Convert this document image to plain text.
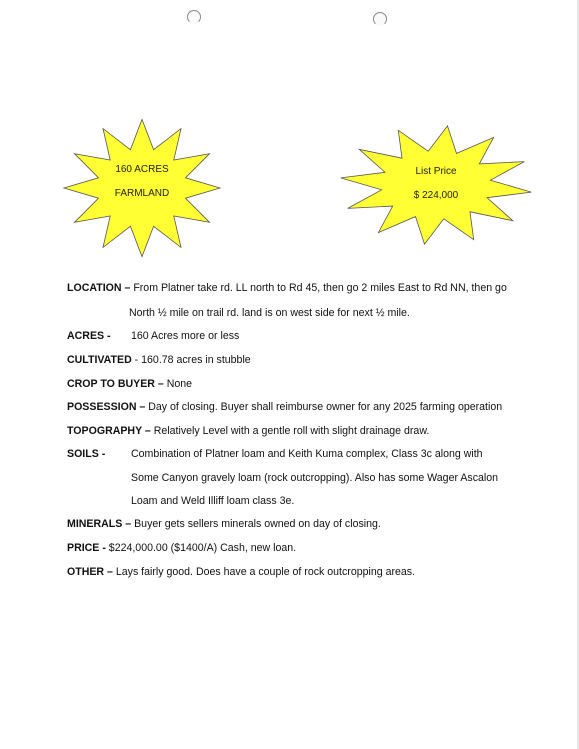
160 ACRES
FARMLAND
List Price
$ 224,000
LOCATION – From Platner take rd. LL north to Rd 45, then go 2 miles East to Rd NN, then go
North ½ mile on trail rd. land is on west side for next ½ mile.
ACRES - 160 Acres more or less
CULTIVATED - 160.78 acres in stubble
CROP TO BUYER – None
POSSESSION – Day of closing. Buyer shall reimburse owner for any 2025 farming operation
TOPOGRAPHY – Relatively Level with a gentle roll with slight drainage draw.
SOILS - Combination of Platner loam and Keith Kuma complex, Class 3c along with
Some Canyon gravely loam (rock outcropping). Also has some Wager Ascalon
Loam and Weld Illiff loam class 3e.
MINERALS – Buyer gets sellers minerals owned on day of closing.
PRICE - $224,000.00 ($1400/A) Cash, new loan.
OTHER – Lays fairly good. Does have a couple of rock outcropping areas.
